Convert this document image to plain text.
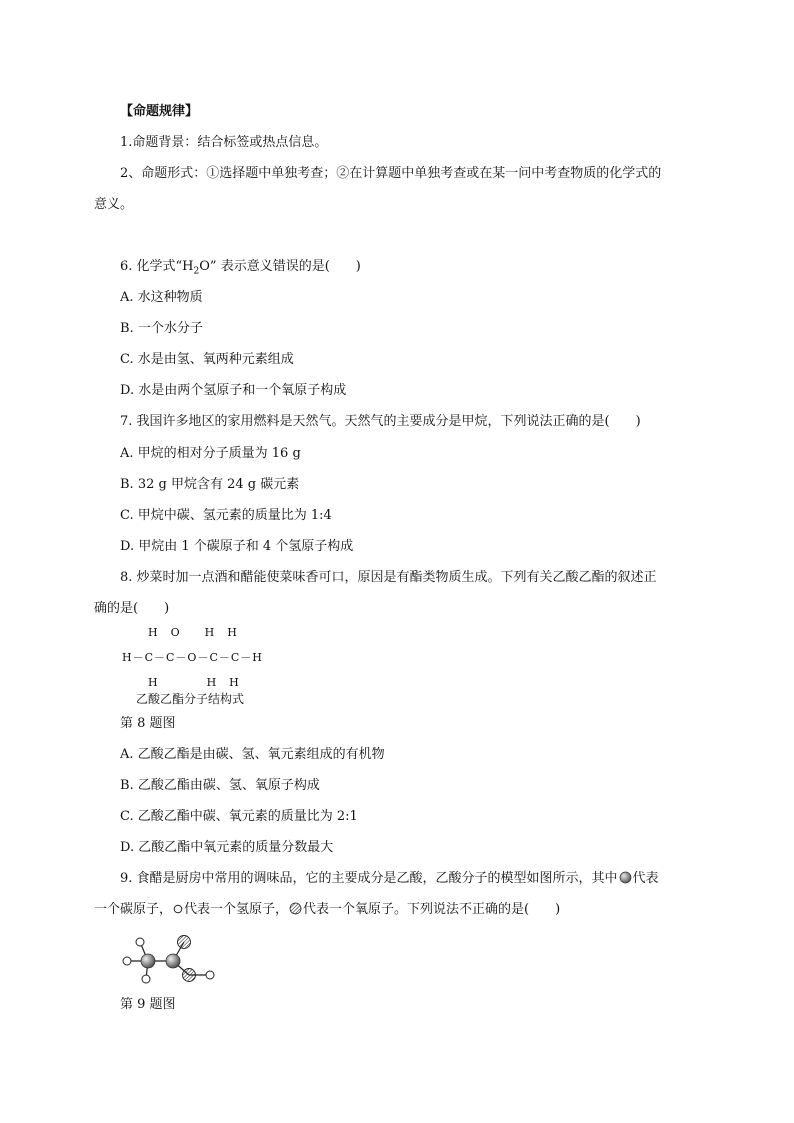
【命题规律】
1.命题背景：结合标签或热点信息。
2、命题形式：①选择题中单独考查；②在计算题中单独考查或在某一问中考查物质的化学式的
意义。
6. 化学式“$H_2O$” 表示意义错误的是(　　)
A. 水这种物质
B. 一个水分子
C. 水是由氢、氧两种元素组成
D. 水是由两个氢原子和一个氧原子构成
7. 我国许多地区的家用燃料是天然气。天然气的主要成分是甲烷，下列说法正确的是(　　)
A. 甲烷的相对分子质量为 16 g
B. 32 g 甲烷含有 24 g 碳元素
C. 甲烷中碳、氢元素的质量比为 1:4
D. 甲烷由 1 个碳原子和 4 个氢原子构成
8. 炒菜时加一点酒和醋能使菜味香可口，原因是有酯类物质生成。下列有关乙酸乙酯的叙述正
确的是(　　)
H　O　　H　H
H－C－C－O－C－C－H
H　　　　H　H
乙酸乙酯分子结构式
第 8 题图
A. 乙酸乙酯是由碳、氢、氧元素组成的有机物
B. 乙酸乙酯由碳、氢、氧原子构成
C. 乙酸乙酯中碳、氧元素的质量比为 2:1
D. 乙酸乙酯中氧元素的质量分数最大
9. 食醋是厨房中常用的调味品，它的主要成分是乙酸，乙酸分子的模型如图所示，其中 代表
一个碳原子， 代表一个氢原子， 代表一个氧原子。下列说法不正确的是(　　)
第 9 题图
